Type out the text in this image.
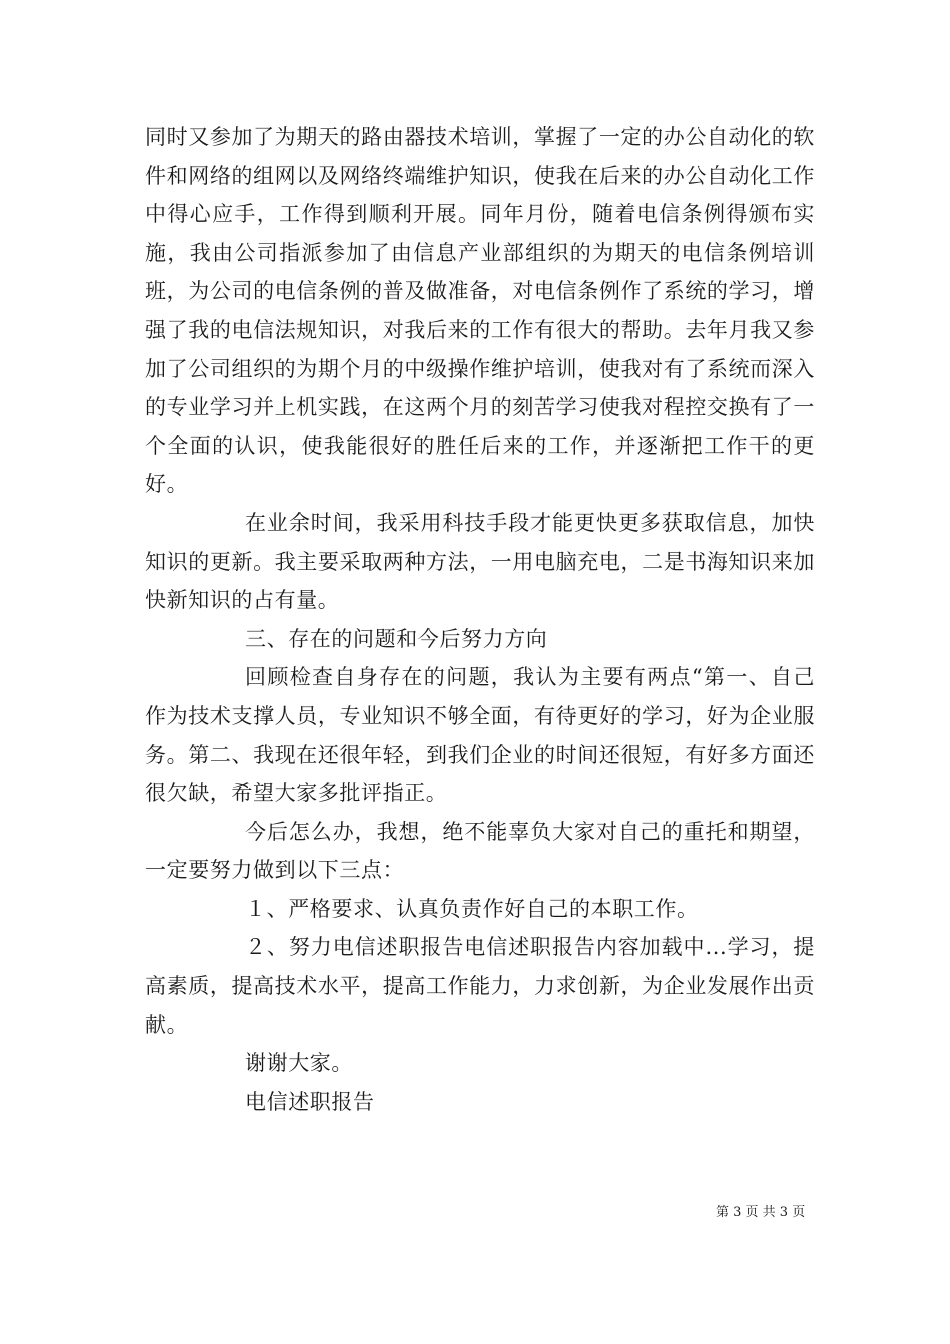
同时又参加了为期天的路由器技术培训，掌握了一定的办公自动化的软件和网络的组网以及网络终端维护知识，使我在后来的办公自动化工作中得心应手，工作得到顺利开展。同年月份，随着电信条例得颁布实施，我由公司指派参加了由信息产业部组织的为期天的电信条例培训班，为公司的电信条例的普及做准备，对电信条例作了系统的学习，增强了我的电信法规知识，对我后来的工作有很大的帮助。去年月我又参加了公司组织的为期个月的中级操作维护培训，使我对有了系统而深入的专业学习并上机实践，在这两个月的刻苦学习使我对程控交换有了一个全面的认识，使我能很好的胜任后来的工作，并逐渐把工作干的更好。

在业余时间，我采用科技手段才能更快更多获取信息，加快知识的更新。我主要采取两种方法，一用电脑充电，二是书海知识来加快新知识的占有量。

三、存在的问题和今后努力方向

回顾检查自身存在的问题，我认为主要有两点“第一、自己作为技术支撑人员，专业知识不够全面，有待更好的学习，好为企业服务。第二、我现在还很年轻，到我们企业的时间还很短，有好多方面还很欠缺，希望大家多批评指正。

今后怎么办，我想，绝不能辜负大家对自己的重托和期望，一定要努力做到以下三点：

１、严格要求、认真负责作好自己的本职工作。

２、努力电信述职报告电信述职报告内容加载中...学习，提高素质，提高技术水平，提高工作能力，力求创新，为企业发展作出贡献。

谢谢大家。

电信述职报告

第 3 页 共 3 页
